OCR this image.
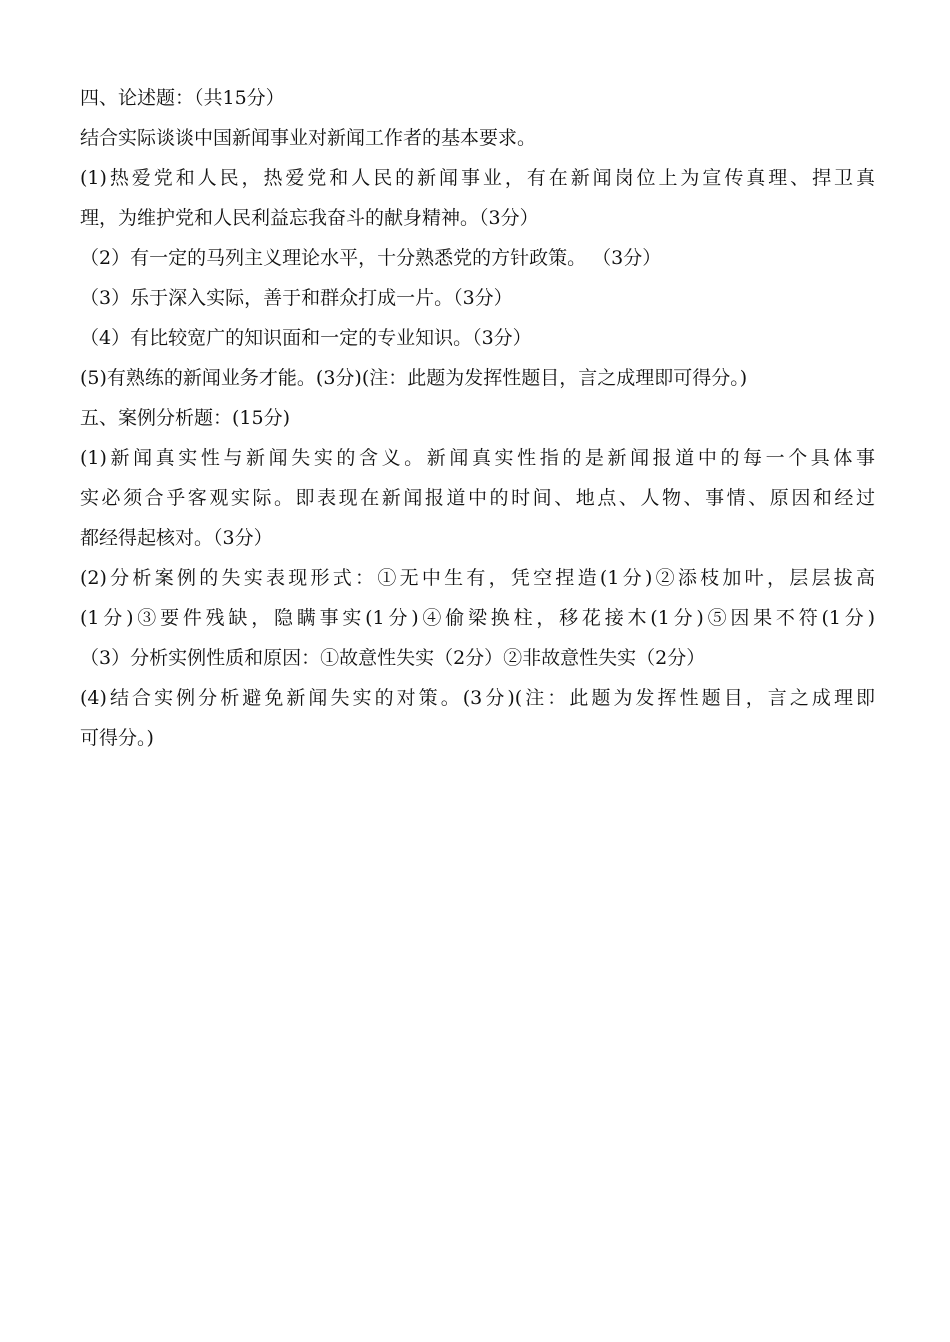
四、论述题：（共15分）
结合实际谈谈中国新闻事业对新闻工作者的基本要求。
(1)热爱党和人民，热爱党和人民的新闻事业，有在新闻岗位上为宣传真理、捍卫真
理，为维护党和人民利益忘我奋斗的献身精神。（3分）
（2）有一定的马列主义理论水平，十分熟悉党的方针政策。 （3分）
（3）乐于深入实际，善于和群众打成一片。（3分）
（4）有比较宽广的知识面和一定的专业知识。（3分）
(5)有熟练的新闻业务才能。(3分)(注：此题为发挥性题目，言之成理即可得分。)
五、案例分析题：(15分)
(1)新闻真实性与新闻失实的含义。新闻真实性指的是新闻报道中的每一个具体事
实必须合乎客观实际。即表现在新闻报道中的时间、地点、人物、事情、原因和经过
都经得起核对。（3分）
(2)分析案例的失实表现形式：①无中生有，凭空捏造(1分)②添枝加叶，层层拔高
(1分)③要件残缺，隐瞒事实(1分)④偷梁换柱，移花接木(1分)⑤因果不符(1分)
（3）分析实例性质和原因：①故意性失实（2分）②非故意性失实（2分）
(4)结合实例分析避免新闻失实的对策。(3分)(注：此题为发挥性题目，言之成理即
可得分。)
